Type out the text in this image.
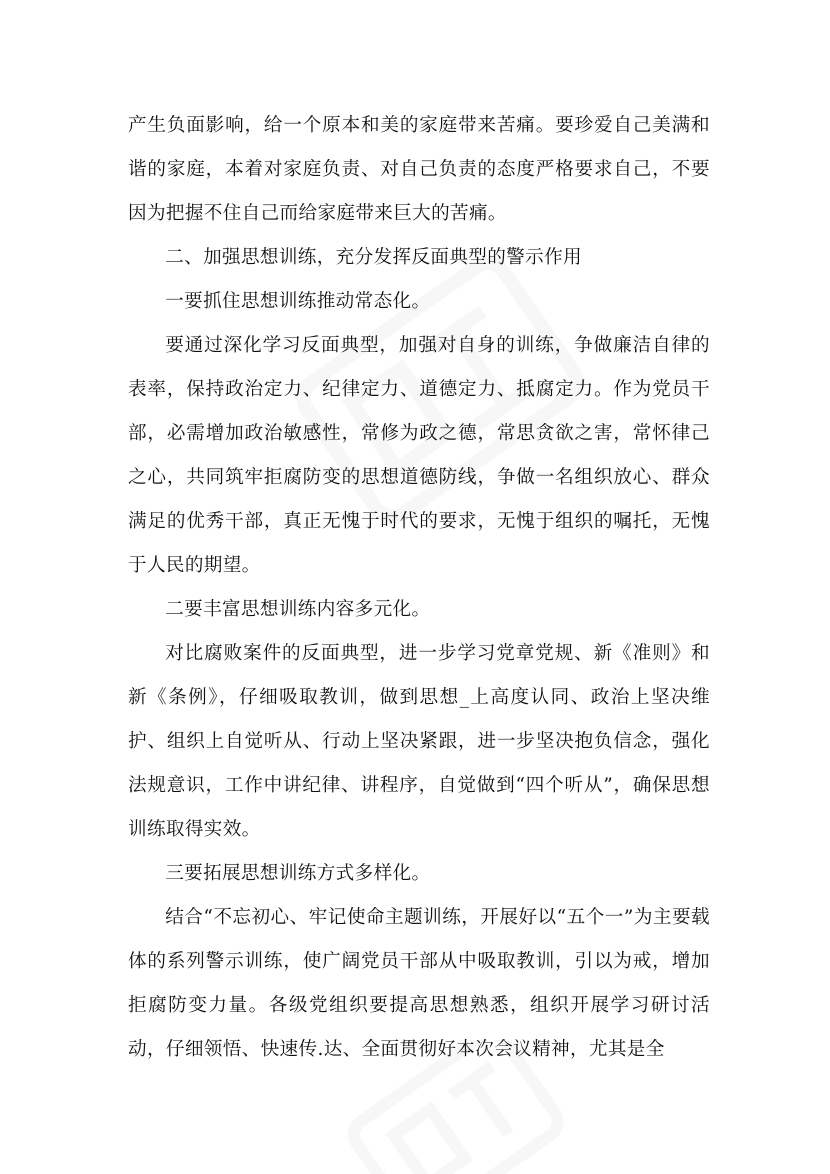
产生负面影响，给一个原本和美的家庭带来苦痛。要珍爱自己美满和谐的家庭，本着对家庭负责、对自己负责的态度严格要求自己，不要因为把握不住自己而给家庭带来巨大的苦痛。

二、加强思想训练，充分发挥反面典型的警示作用

一要抓住思想训练推动常态化。

要通过深化学习反面典型，加强对自身的训练，争做廉洁自律的表率，保持政治定力、纪律定力、道德定力、抵腐定力。作为党员干部，必需增加政治敏感性，常修为政之德，常思贪欲之害，常怀律己之心，共同筑牢拒腐防变的思想道德防线，争做一名组织放心、群众满足的优秀干部，真正无愧于时代的要求，无愧于组织的嘱托，无愧于人民的期望。

二要丰富思想训练内容多元化。

对比腐败案件的反面典型，进一步学习党章党规、新《准则》和新《条例》，仔细吸取教训，做到思想_上高度认同、政治上坚决维护、组织上自觉听从、行动上坚决紧跟，进一步坚决抱负信念，强化法规意识，工作中讲纪律、讲程序，自觉做到“四个听从”，确保思想训练取得实效。

三要拓展思想训练方式多样化。

结合“不忘初心、牢记使命主题训练，开展好以“五个一”为主要载体的系列警示训练，使广阔党员干部从中吸取教训，引以为戒，增加拒腐防变力量。各级党组织要提高思想熟悉，组织开展学习研讨活动，仔细领悟、快速传.达、全面贯彻好本次会议精神，尤其是全
